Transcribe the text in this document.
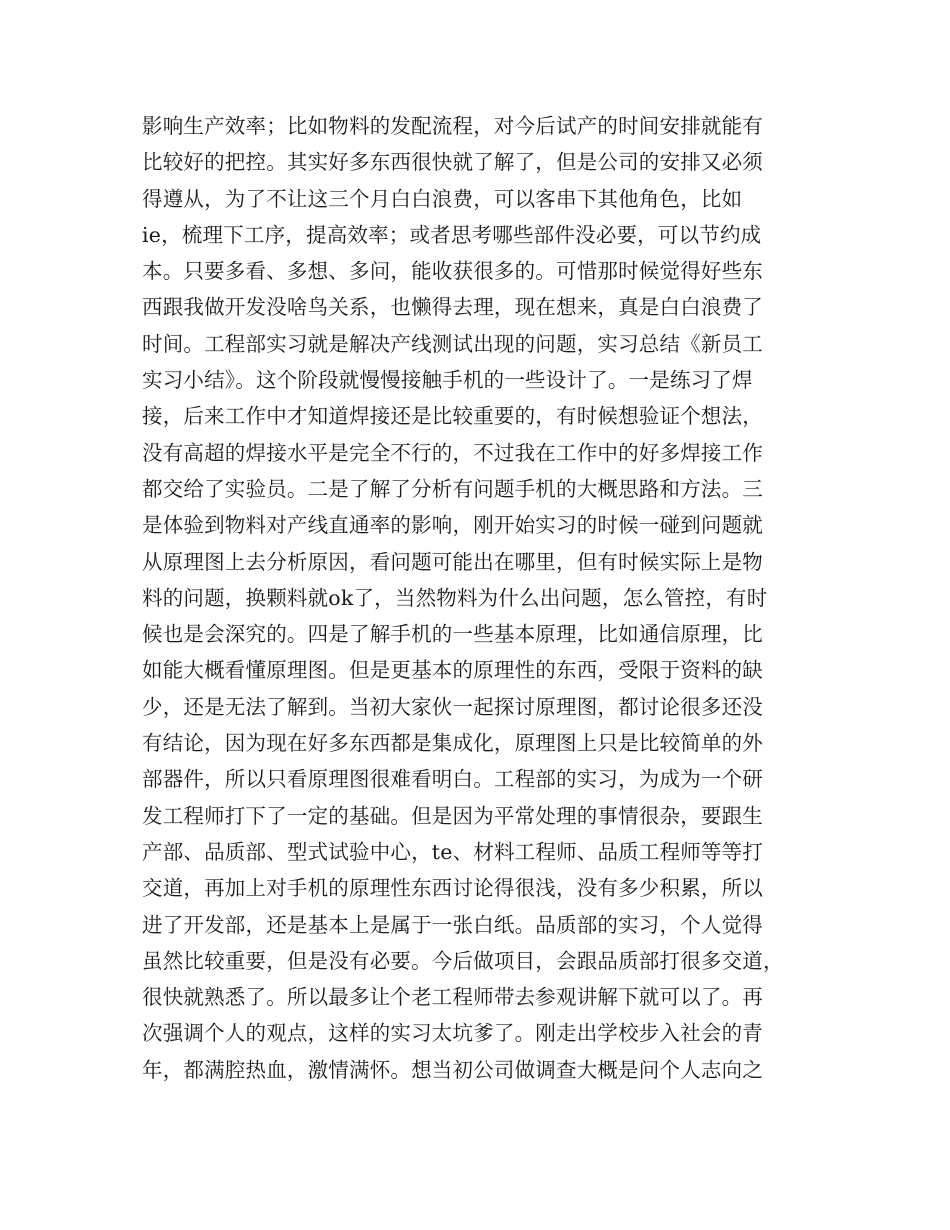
影响生产效率；比如物料的发配流程，对今后试产的时间安排就能有
比较好的把控。其实好多东西很快就了解了，但是公司的安排又必须
得遵从，为了不让这三个月白白浪费，可以客串下其他角色，比如
ie，梳理下工序，提高效率；或者思考哪些部件没必要，可以节约成
本。只要多看、多想、多问，能收获很多的。可惜那时候觉得好些东
西跟我做开发没啥鸟关系，也懒得去理，现在想来，真是白白浪费了
时间。工程部实习就是解决产线测试出现的问题，实习总结《新员工
实习小结》。这个阶段就慢慢接触手机的一些设计了。一是练习了焊
接，后来工作中才知道焊接还是比较重要的，有时候想验证个想法，
没有高超的焊接水平是完全不行的，不过我在工作中的好多焊接工作
都交给了实验员。二是了解了分析有问题手机的大概思路和方法。三
是体验到物料对产线直通率的影响，刚开始实习的时候一碰到问题就
从原理图上去分析原因，看问题可能出在哪里，但有时候实际上是物
料的问题，换颗料就ok了，当然物料为什么出问题，怎么管控，有时
候也是会深究的。四是了解手机的一些基本原理，比如通信原理，比
如能大概看懂原理图。但是更基本的原理性的东西，受限于资料的缺
少，还是无法了解到。当初大家伙一起探讨原理图，都讨论很多还没
有结论，因为现在好多东西都是集成化，原理图上只是比较简单的外
部器件，所以只看原理图很难看明白。工程部的实习，为成为一个研
发工程师打下了一定的基础。但是因为平常处理的事情很杂，要跟生
产部、品质部、型式试验中心，te、材料工程师、品质工程师等等打
交道，再加上对手机的原理性东西讨论得很浅，没有多少积累，所以
进了开发部，还是基本上是属于一张白纸。品质部的实习，个人觉得
虽然比较重要，但是没有必要。今后做项目，会跟品质部打很多交道，
很快就熟悉了。所以最多让个老工程师带去参观讲解下就可以了。再
次强调个人的观点，这样的实习太坑爹了。刚走出学校步入社会的青
年，都满腔热血，激情满怀。想当初公司做调查大概是问个人志向之
